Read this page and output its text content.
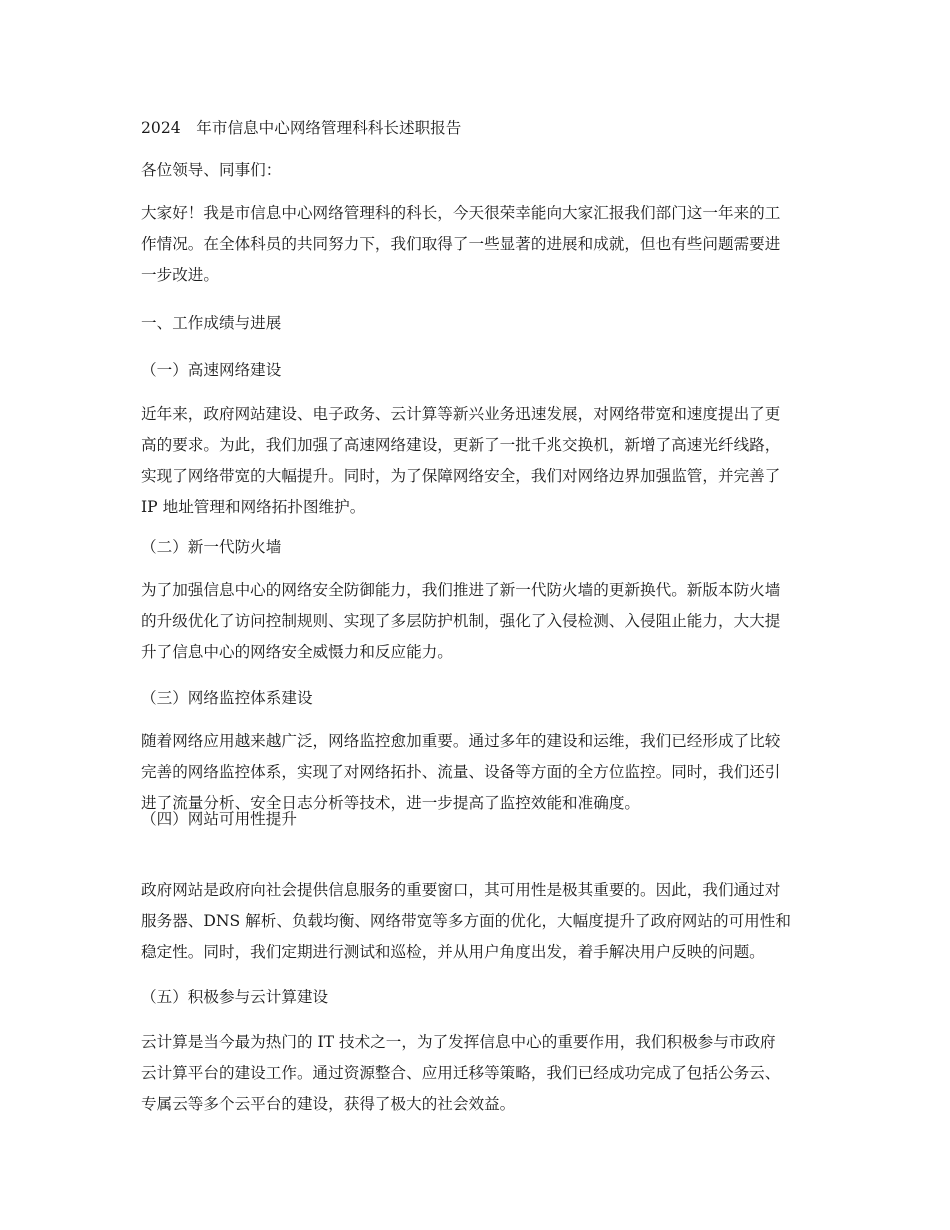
2024　年市信息中心网络管理科科长述职报告

各位领导、同事们：

大家好！我是市信息中心网络管理科的科长，今天很荣幸能向大家汇报我们部门这一年来的工
作情况。在全体科员的共同努力下，我们取得了一些显著的进展和成就，但也有些问题需要进
一步改进。

一、工作成绩与进展

（一）高速网络建设

近年来，政府网站建设、电子政务、云计算等新兴业务迅速发展，对网络带宽和速度提出了更
高的要求。为此，我们加强了高速网络建设，更新了一批千兆交换机，新增了高速光纤线路，
实现了网络带宽的大幅提升。同时，为了保障网络安全，我们对网络边界加强监管，并完善了
IP 地址管理和网络拓扑图维护。

（二）新一代防火墙

为了加强信息中心的网络安全防御能力，我们推进了新一代防火墙的更新换代。新版本防火墙
的升级优化了访问控制规则、实现了多层防护机制，强化了入侵检测、入侵阻止能力，大大提
升了信息中心的网络安全威慑力和反应能力。

（三）网络监控体系建设

随着网络应用越来越广泛，网络监控愈加重要。通过多年的建设和运维，我们已经形成了比较
完善的网络监控体系，实现了对网络拓扑、流量、设备等方面的全方位监控。同时，我们还引
进了流量分析、安全日志分析等技术，进一步提高了监控效能和准确度。

（四）网站可用性提升

政府网站是政府向社会提供信息服务的重要窗口，其可用性是极其重要的。因此，我们通过对
服务器、DNS 解析、负载均衡、网络带宽等多方面的优化，大幅度提升了政府网站的可用性和
稳定性。同时，我们定期进行测试和巡检，并从用户角度出发，着手解决用户反映的问题。

（五）积极参与云计算建设

云计算是当今最为热门的 IT 技术之一，为了发挥信息中心的重要作用，我们积极参与市政府
云计算平台的建设工作。通过资源整合、应用迁移等策略，我们已经成功完成了包括公务云、
专属云等多个云平台的建设，获得了极大的社会效益。
